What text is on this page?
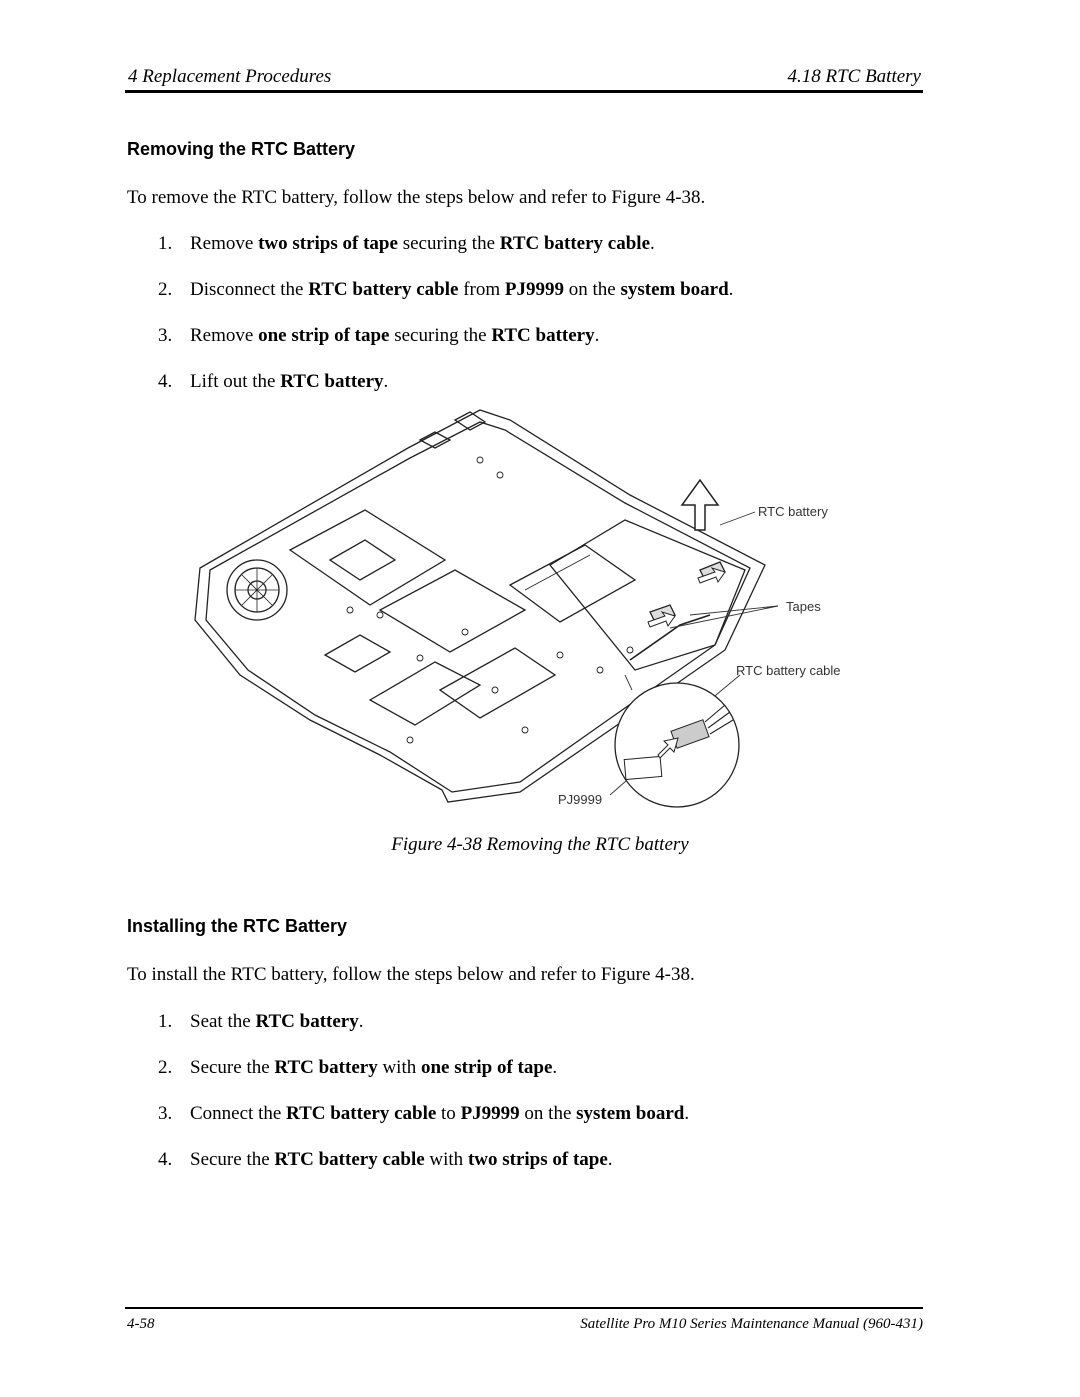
4 Replacement Procedures	4.18 RTC Battery
Removing the RTC Battery
To remove the RTC battery, follow the steps below and refer to Figure 4-38.
1. Remove two strips of tape securing the RTC battery cable.
2. Disconnect the RTC battery cable from PJ9999 on the system board.
3. Remove one strip of tape securing the RTC battery.
4. Lift out the RTC battery.
RTC battery
Tapes
RTC battery cable
PJ9999
Figure 4-38 Removing the RTC battery
Installing the RTC Battery
To install the RTC battery, follow the steps below and refer to Figure 4-38.
1. Seat the RTC battery.
2. Secure the RTC battery with one strip of tape.
3. Connect the RTC battery cable to PJ9999 on the system board.
4. Secure the RTC battery cable with two strips of tape.
4-58	Satellite Pro M10 Series Maintenance Manual (960-431)
